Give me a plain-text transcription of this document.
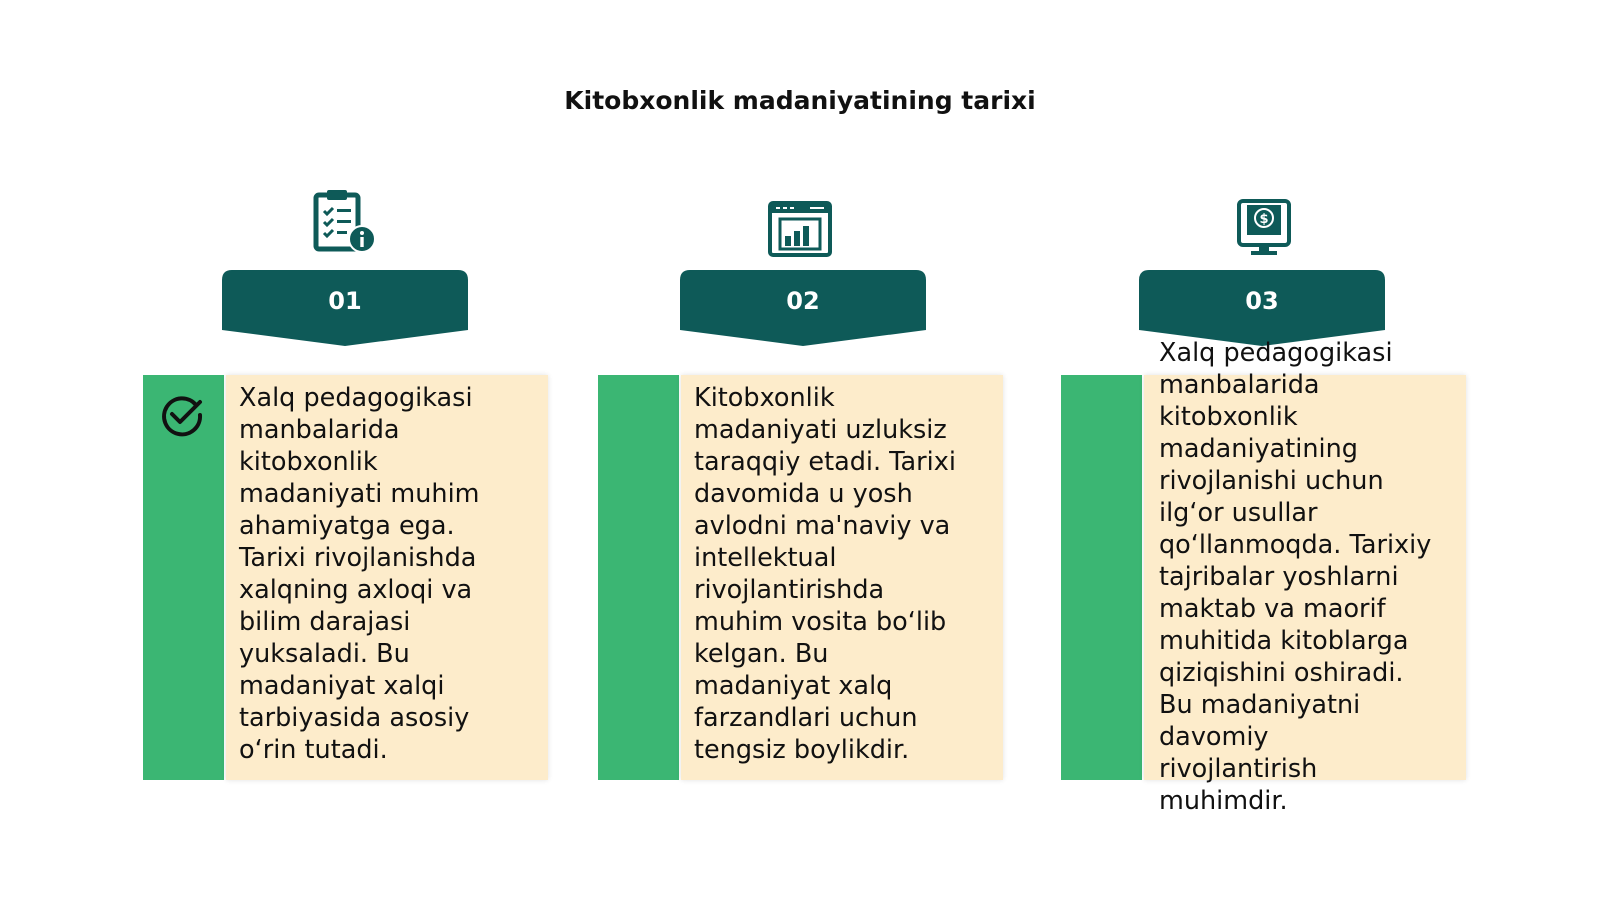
Kitobxonlik madaniyatining tarixi
01

Xalq pedagogikasi
manbalarida
kitobxonlik
madaniyati muhim
ahamiyatga ega.
Tarixi rivojlanishda
xalqning axloqi va
bilim darajasi
yuksaladi. Bu
madaniyat xalqi
tarbiyasida asosiy
o‘rin tutadi.

02

Kitobxonlik
madaniyati uzluksiz
taraqqiy etadi. Tarixi
davomida u yosh
avlodni ma'naviy va
intellektual
rivojlantirishda
muhim vosita bo‘lib
kelgan. Bu
madaniyat xalq
farzandlari uchun
tengsiz boylikdir.

$
03

Xalq pedagogikasi
manbalarida
kitobxonlik
madaniyatining
rivojlanishi uchun
ilg‘or usullar
qo‘llanmoqda. Tarixiy
tajribalar yoshlarni
maktab va maorif
muhitida kitoblarga
qiziqishini oshiradi.
Bu madaniyatni
davomiy
rivojlantirish
muhimdir.
